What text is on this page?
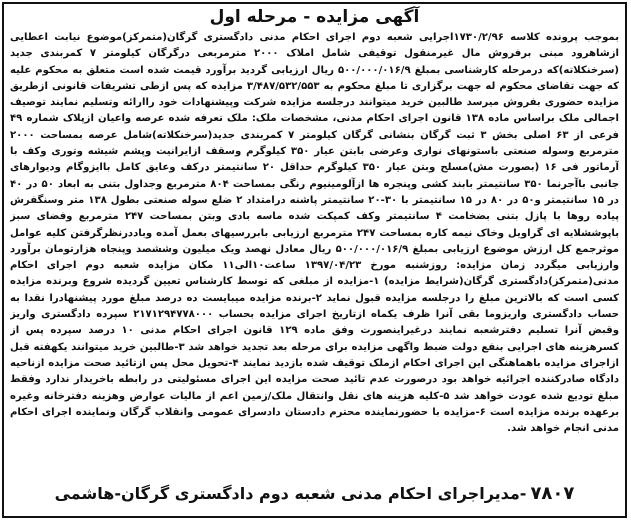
آگهی مزایده - مرحله اول

بموجب پرونده کلاسه ۱۷۳۰/۲/۹۶اجرایی شعبه دوم اجرای احکام مدنی دادگستری گرگان(متمرکز)موضوع نیابت اعطایی ازشاهرود مبنی برفروش مال غیرمنقول توقیفی شامل املاک ۲۰۰۰ مترمربعی درگرگان کیلومتر ۷ کمربندی جدید (سرخنکلاته)که درمرحله کارشناسی بمبلغ ۵۰۰/۰۰۰/۰۱۶/۹ ریال ارزیابی گردید برآورد قیمت شده است متعلق به محکوم علیه که جهت تقاضای محکوم له جهت برگزاری تا مبلغ محکوم به ۳/۴۸۷/۵۳۲/۵۵۳ مزایده که پس ازطی تشریفات قانونی ازطریق مزایده حضوری بفروش میرسد طالبین خرید میتوانند درجلسه مزایده شرکت وپیشنهادات خود راارائه وتسلیم نمایند توصیف اجمالی ملک براساس ماده ۱۳۸ قانون اجرای احکام مدنی، مشخصات ملک: ملک تعرفه شده عرصه واعیان ازپلاک شماره ۴۹ فرعی از ۶۳ اصلی بخش ۳ ثبت گرگان بنشانی گرگان کیلومتر ۷ کمربندی جدید(سرخنکلاته)شامل عرصه بمساحت ۲۰۰۰ مترمربع وسوله صنعتی باستونهای نواری وعرضی بابتن عیار ۳۵۰ کیلوگرم وسقف ازایرانیت وپشم شیشه وتوری وکف با آرماتور فی ۱۶ (بصورت مش)مسلح وبتن عیار ۳۵۰ کیلوگرم حداقل ۲۰ سانتیمتر درکف وعایق کامل باایزوگام ودیوارهای جانبی باآجرنما ۳۵۰ سانتیمتر بابند کشی وپنجره ها ازآلومینیوم رنگی بمساحت ۸۰۴ مترمربع وجداول بتنی به ابعاد ۵۰ در ۴۰ در ۱۵ سانتیمتر و۵۰ در ۸۰ در ۱۵ سانتیمتر با ۳۰-۲۰ سانتیمتر پاشنه درامتداد ۲ ضلع سوله صنعتی بطول ۱۳۸ متر وسنگفرش پیاده روها با پازل بتنی بضخامت ۴ سانتیمتر وکف کمپکت شده ماسه بادی وبتن بمساحت ۲۴۷ مترمربع وفضای سبز باپوششلایه ای گراویل وخاک نیمه کاره بمساحت ۲۴۷ مترمربع ارزیابی بابررسیهای بعمل آمده وباددرنظرگرفتن کلیه عوامل موثرجمع کل ارزش موضوع ارزیابی بمبلغ ۵۰۰/۰۰۰/۰۱۶/۹ ریال معادل نهصد ویک میلیون وششصد وپنجاه هزارتومان برآورد وارزیابی میگردد زمان مزایده: روزشنبه مورخ ۱۳۹۷/۰۴/۲۳ ساعت۱۰الی۱۱ مکان مزایده شعبه دوم اجرای احکام مدنی(متمرکز)دادگستری گرگان(شرایط مزایده) ۱-مزایده از مبلغی که توسط کارشناس تعیین گردیده شروع وبرنده مزایده کسی است که بالاترین مبلغ را درجلسه مزایده قبول نماید ۲-برنده مزایده میبایست ده درصد مبلغ مورد پیشنهادرا نقدا به حساب دادگستری واریزوما بقی آنرا ظرف یکماه ازتاریخ اجرای مزایده بحساب ۲۱۷۱۲۹۴۷۷۸۰۰۰ سپرده دادگستری واریز وقبض آنرا تسلیم دفترشعبه نمایند درغیراینصورت وفق ماده ۱۲۹ قانون اجرای احکام مدنی ۱۰ درصد سپرده پس از کسرهزینه های اجرایی بنفع دولت ضبط واگهی مزایده برای مرحله بعد تجدید خواهد شد ۳-طالبین خرید میتوانند یکهفته قبل ازاجرای مزایده باهماهنگی این اجرای احکام ازملک توقیف شده بازدید نمایند ۴-تحویل محل پس ازتائید صحت مزایده ازناحیه دادگاه صادرکننده اجرائیه خواهد بود درصورت عدم تائید صحت مزایده این اجرای مسئولیتی در رابطه باخریدار ندارد وفقط مبلغ تودیع شده عودت خواهد شد ۵-کلیه هزینه های نقل وانتقال ملک/زمین اعم از مالیات عوارض وهزینه دفترخانه وغیره برعهده برنده مزایده است ۶-مزایده با حضورنماینده محترم دادستان دادسرای عمومی وانقلاب گرگان ونماینده اجرای احکام مدنی انجام خواهد شد.

۷۸۰۷
-مدیراجرای احکام مدنی شعبه دوم دادگستری گرگان-هاشمی
